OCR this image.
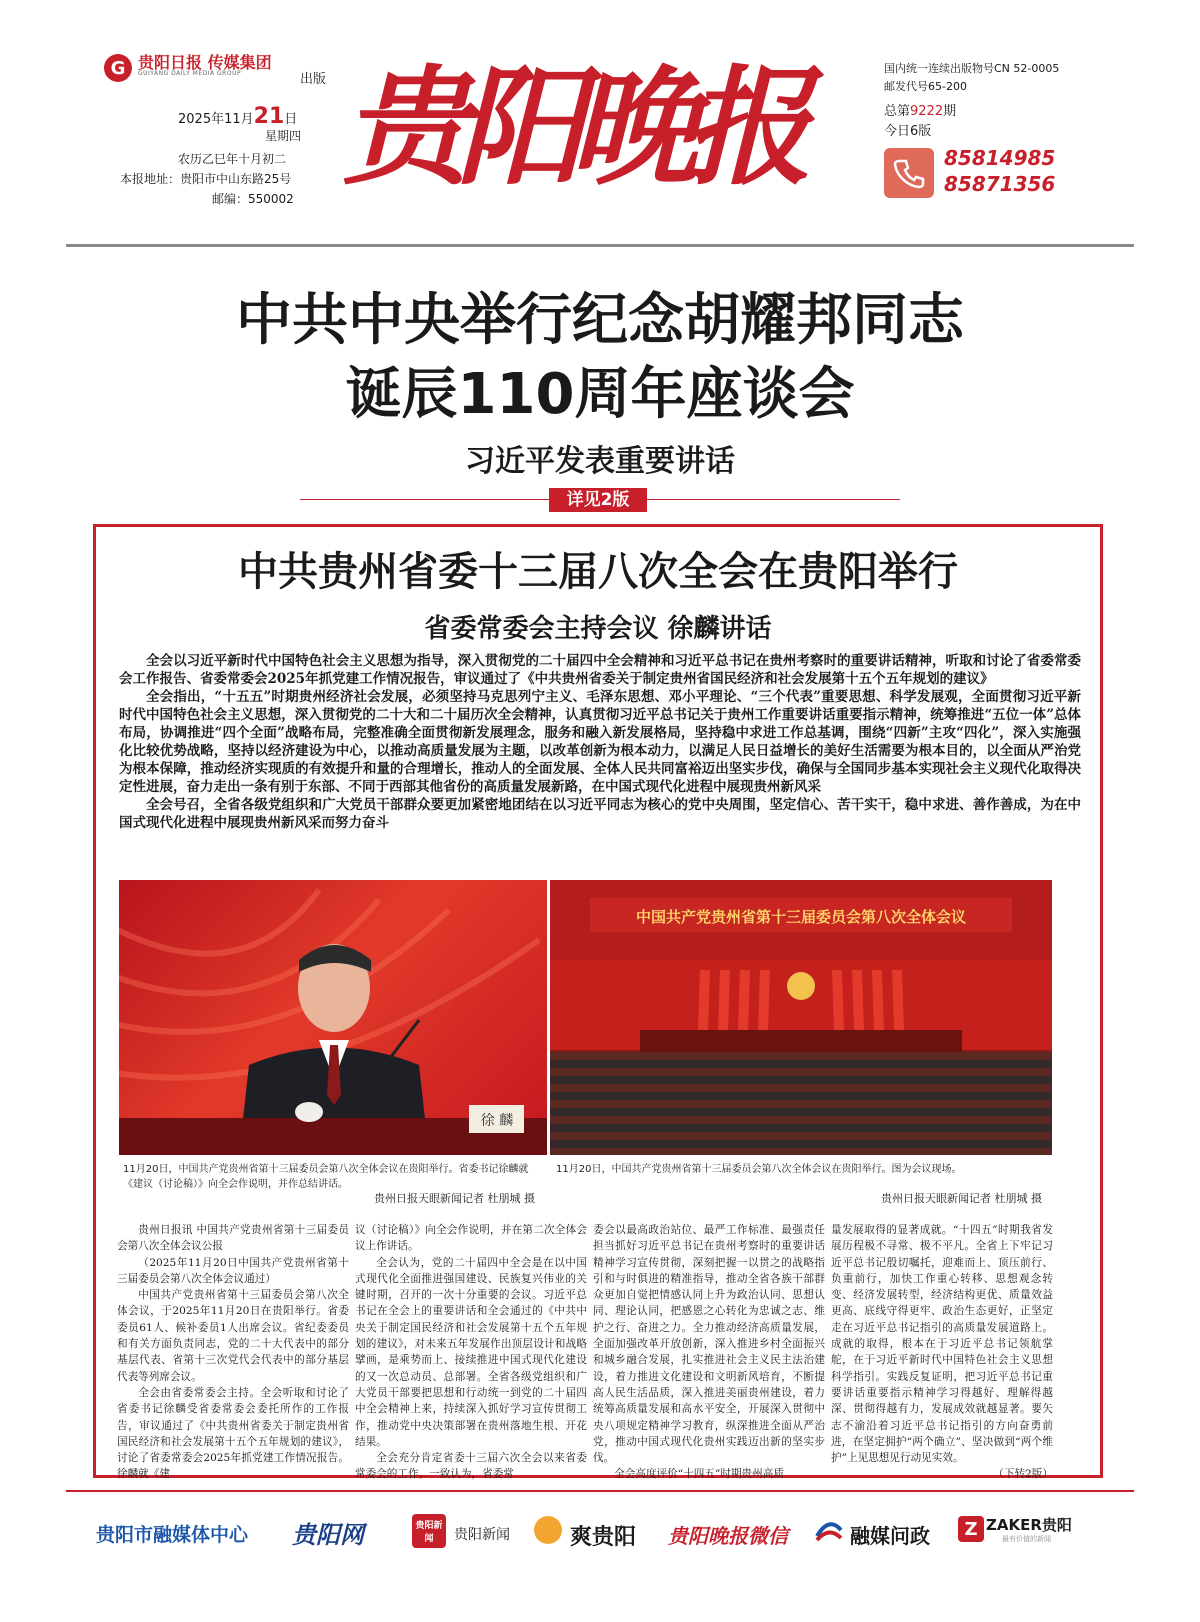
G 贵阳日报 传媒集团
GUIYANG DAILY MEDIA GROUP	出版
2025年11月21日
星期四
农历乙巳年十月初二
本报地址：贵阳市中山东路25号
邮编：550002 贵阳晚报	国内统一连续出版物号CN 52-0005
邮发代号65-200
总第9222期
今日6版
85814985
85871356
中共中央举行纪念胡耀邦同志
诞辰110周年座谈会
习近平发表重要讲话
详见2版
中共贵州省委十三届八次全会在贵阳举行
省委常委会主持会议 徐麟讲话

全会以习近平新时代中国特色社会主义思想为指导，深入贯彻党的二十届四中全会精神和习近平总书记在贵州考察时的重要讲话精神，听取和讨论了省委常委会工作报告、省委常委会2025年抓党建工作情况报告，审议通过了《中共贵州省委关于制定贵州省国民经济和社会发展第十五个五年规划的建议》

全会指出，“十五五”时期贵州经济社会发展，必须坚持马克思列宁主义、毛泽东思想、邓小平理论、“三个代表”重要思想、科学发展观，全面贯彻习近平新时代中国特色社会主义思想，深入贯彻党的二十大和二十届历次全会精神，认真贯彻习近平总书记关于贵州工作重要讲话重要指示精神，统筹推进“五位一体”总体布局，协调推进“四个全面”战略布局，完整准确全面贯彻新发展理念，服务和融入新发展格局，坚持稳中求进工作总基调，围绕“四新”主攻“四化”，深入实施强化比较优势战略，坚持以经济建设为中心，以推动高质量发展为主题，以改革创新为根本动力，以满足人民日益增长的美好生活需要为根本目的，以全面从严治党为根本保障，推动经济实现质的有效提升和量的合理增长，推动人的全面发展、全体人民共同富裕迈出坚实步伐，确保与全国同步基本实现社会主义现代化取得决定性进展，奋力走出一条有别于东部、不同于西部其他省份的高质量发展新路，在中国式现代化进程中展现贵州新风采

全会号召，全省各级党组织和广大党员干部群众要更加紧密地团结在以习近平同志为核心的党中央周围，坚定信心、苦干实干，稳中求进、善作善成，为在中国式现代化进程中展现贵州新风采而努力奋斗

徐 麟
11月20日，中国共产党贵州省第十三届委员会第八次全体会议在贵阳举行。省委书记徐麟就《建议（讨论稿）》向全会作说明，并作总结讲话。
贵州日报天眼新闻记者 杜朋城 摄
中国共产党贵州省第十三届委员会第八次全体会议
11月20日，中国共产党贵州省第十三届委员会第八次全体会议在贵阳举行。图为会议现场。
贵州日报天眼新闻记者 杜朋城 摄

贵州日报讯 中国共产党贵州省第十三届委员会第八次全体会议公报

（2025年11月20日中国共产党贵州省第十三届委员会第八次全体会议通过）

中国共产党贵州省第十三届委员会第八次全体会议，于2025年11月20日在贵阳举行。省委委员61人、候补委员1人出席会议。省纪委委员和有关方面负责同志，党的二十大代表中的部分基层代表、省第十三次党代会代表中的部分基层代表等列席会议。

全会由省委常委会主持。全会听取和讨论了省委书记徐麟受省委常委会委托所作的工作报告，审议通过了《中共贵州省委关于制定贵州省国民经济和社会发展第十五个五年规划的建议》，讨论了省委常委会2025年抓党建工作情况报告。徐麟就《建

议（讨论稿）》向全会作说明，并在第二次全体会议上作讲话。

全会认为，党的二十届四中全会是在以中国式现代化全面推进强国建设、民族复兴伟业的关键时期，召开的一次十分重要的会议。习近平总书记在全会上的重要讲话和全会通过的《中共中央关于制定国民经济和社会发展第十五个五年规划的建议》，对未来五年发展作出顶层设计和战略擘画，是乘势而上、接续推进中国式现代化建设的又一次总动员、总部署。全省各级党组织和广大党员干部要把思想和行动统一到党的二十届四中全会精神上来，持续深入抓好学习宣传贯彻工作，推动党中央决策部署在贵州落地生根、开花结果。

全会充分肯定省委十三届六次全会以来省委常委会的工作。一致认为，省委常

委会以最高政治站位、最严工作标准、最强责任担当抓好习近平总书记在贵州考察时的重要讲话精神学习宣传贯彻，深刻把握一以贯之的战略指引和与时俱进的精准指导，推动全省各族干部群众更加自觉把情感认同上升为政治认同、思想认同、理论认同，把感恩之心转化为忠诚之志、维护之行、奋进之力。全力推动经济高质量发展，全面加强改革开放创新，深入推进乡村全面振兴和城乡融合发展，扎实推进社会主义民主法治建设，着力推进文化建设和文明新风培育，不断提高人民生活品质，深入推进美丽贵州建设，着力统筹高质量发展和高水平安全，开展深入贯彻中央八项规定精神学习教育，纵深推进全面从严治党，推动中国式现代化贵州实践迈出新的坚实步伐。

全会高度评价“十四五”时期贵州高质

量发展取得的显著成就。“十四五”时期我省发展历程极不寻常、极不平凡。全省上下牢记习近平总书记殷切嘱托，迎难而上、顶压前行、负重前行，加快工作重心转移、思想观念转变、经济发展转型，经济结构更优、质量效益更高、底线守得更牢、政治生态更好，正坚定走在习近平总书记指引的高质量发展道路上。成就的取得，根本在于习近平总书记领航掌舵，在于习近平新时代中国特色社会主义思想科学指引。实践反复证明，把习近平总书记重要讲话重要指示精神学习得越好、理解得越深、贯彻得越有力，发展成效就越显著。要矢志不渝沿着习近平总书记指引的方向奋勇前进，在坚定拥护“两个确立”、坚决做到“两个维护”上见思想见行动见实效。

（下转2版）

贵阳市融媒体中心 贵阳网	贵阳新闻	贵阳新闻	爽贵阳 贵阳晚报微信	融媒问政	Z ZAKER贵阳
最有价值的新闻
